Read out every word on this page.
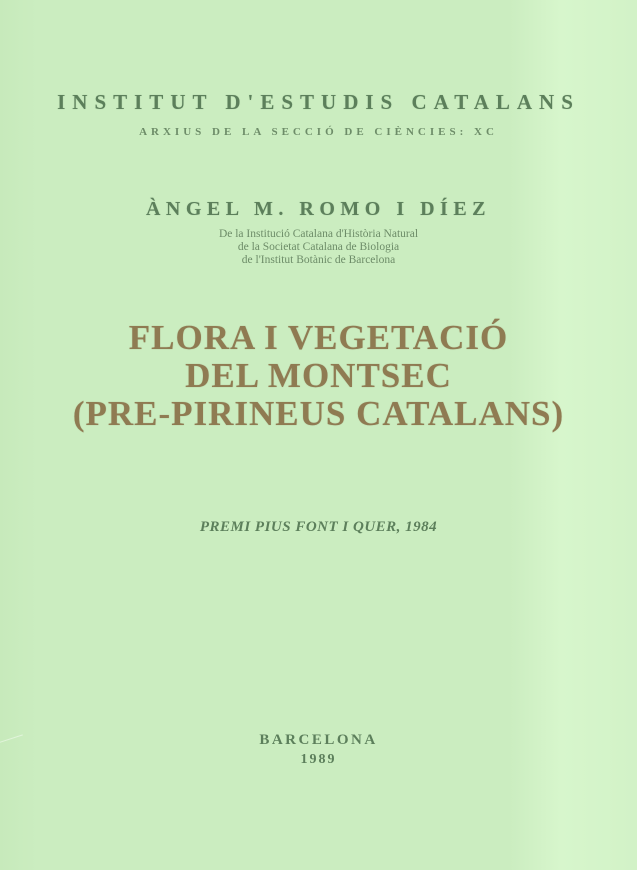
INSTITUT D'ESTUDIS CATALANS
ARXIUS DE LA SECCIÓ DE CIÈNCIES: XC
ÀNGEL M. ROMO I DÍEZ
De la Institució Catalana d'Història Natural
de la Societat Catalana de Biologia
de l'Institut Botànic de Barcelona
FLORA I VEGETACIÓ
DEL MONTSEC
(PRE-PIRINEUS CATALANS)
PREMI PIUS FONT I QUER, 1984
BARCELONA
1989
